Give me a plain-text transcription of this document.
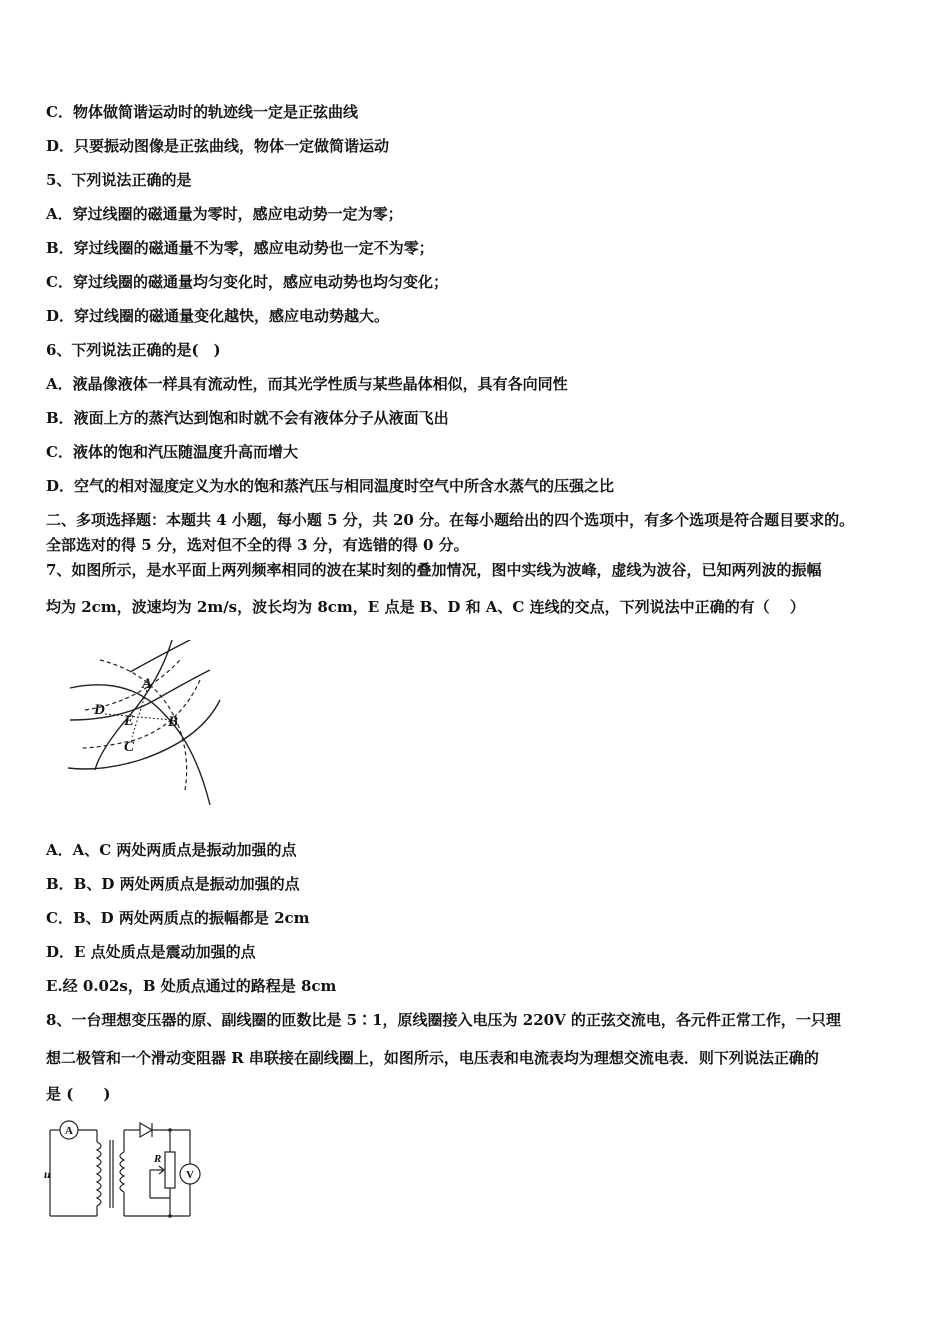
C．物体做简谐运动时的轨迹线一定是正弦曲线
D．只要振动图像是正弦曲线，物体一定做简谐运动
5、下列说法正确的是
A．穿过线圈的磁通量为零时，感应电动势一定为零；
B．穿过线圈的磁通量不为零，感应电动势也一定不为零；
C．穿过线圈的磁通量均匀变化时，感应电动势也均匀变化；
D．穿过线圈的磁通量变化越快，感应电动势越大。
6、下列说法正确的是(　)
A．液晶像液体一样具有流动性，而其光学性质与某些晶体相似，具有各向同性
B．液面上方的蒸汽达到饱和时就不会有液体分子从液面飞出
C．液体的饱和汽压随温度升高而增大
D．空气的相对湿度定义为水的饱和蒸汽压与相同温度时空气中所含水蒸气的压强之比
二、多项选择题：本题共 4 小题，每小题 5 分，共 20 分。在每小题给出的四个选项中，有多个选项是符合题目要求的。
全部选对的得 5 分，选对但不全的得 3 分，有选错的得 0 分。
7、如图所示，是水平面上两列频率相同的波在某时刻的叠加情况，图中实线为波峰，虚线为波谷，已知两列波的振幅
均为 2cm，波速均为 2m/s，波长均为 8cm，E 点是 B、D 和 A、C 连线的交点，下列说法中正确的有（　 ）
A
B
C
D
E
A．A、C 两处两质点是振动加强的点
B．B、D 两处两质点是振动加强的点
C．B、D 两处两质点的振幅都是 2cm
D．E 点处质点是震动加强的点
E.经 0.02s，B 处质点通过的路程是 8cm
8、一台理想变压器的原、副线圈的匝数比是 5∶1，原线圈接入电压为 220V 的正弦交流电，各元件正常工作，一只理
想二极管和一个滑动变阻器 R 串联接在副线圈上，如图所示，电压表和电流表均为理想交流电表．则下列说法正确的
是 (　　)
A
V
u
R
